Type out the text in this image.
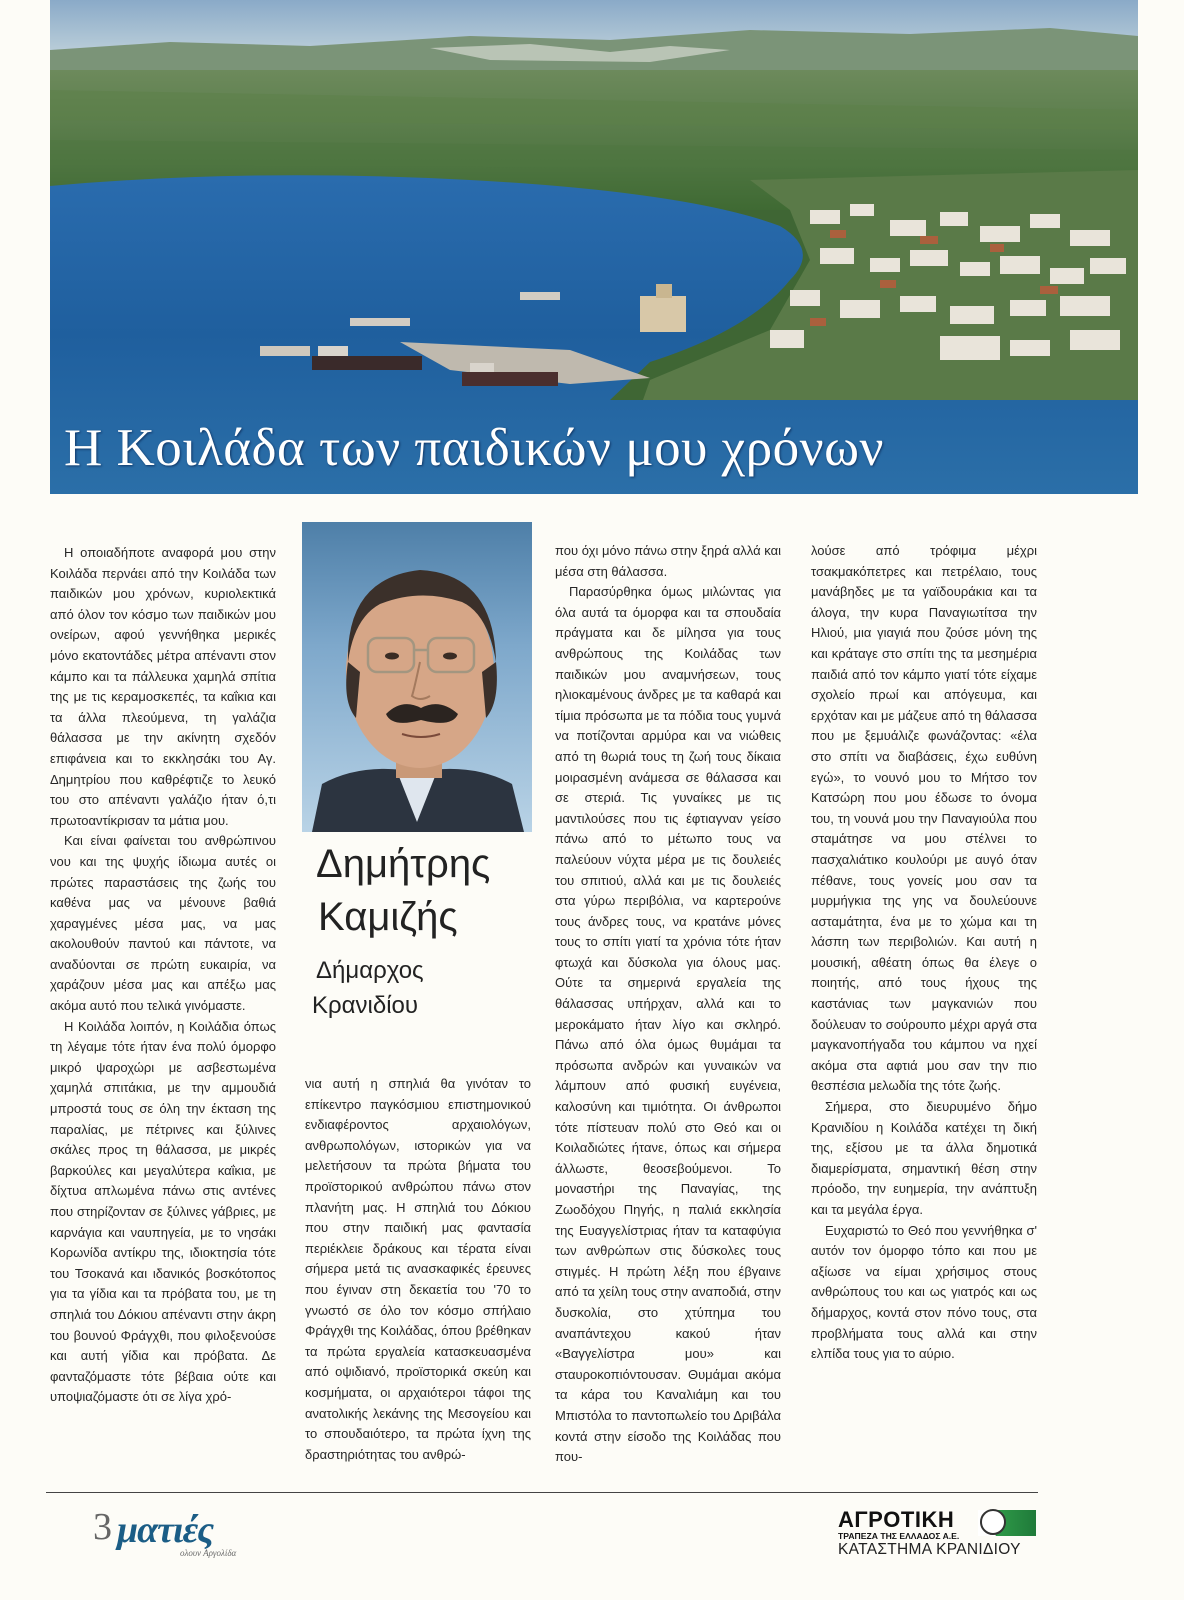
Η Κοιλάδα των παιδικών μου χρόνων

Η οποιαδήποτε αναφορά μου στην Κοιλάδα περνάει από την Κοιλάδα των παιδικών μου χρόνων, κυριολεκτικά από όλον τον κόσμο των παιδικών μου ονείρων, αφού γεννήθηκα μερικές μόνο εκατοντάδες μέτρα απέναντι στον κάμπο και τα πάλλευκα χαμηλά σπίτια της με τις κεραμοσκεπές, τα καΐκια και τα άλλα πλεούμενα, τη γαλάζια θάλασσα με την ακίνητη σχεδόν επιφάνεια και το εκκλησάκι του Αγ. Δημητρίου που καθρέφτιζε το λευκό του στο απέναντι γαλάζιο ήταν ό,τι πρωτοαντίκρισαν τα μάτια μου.

Και είναι φαίνεται του ανθρώπινου νου και της ψυχής ίδιωμα αυτές οι πρώτες παραστάσεις της ζωής του καθένα μας να μένουνε βαθιά χαραγμένες μέσα μας, να μας ακολουθούν παντού και πάντοτε, να αναδύονται σε πρώτη ευκαιρία, να χαράζουν μέσα μας και απέξω μας ακόμα αυτό που τελικά γινόμαστε.

Η Κοιλάδα λοιπόν, η Κοιλάδια όπως τη λέγαμε τότε ήταν ένα πολύ όμορφο μικρό ψαροχώρι με ασβεστωμένα χαμηλά σπιτάκια, με την αμμουδιά μπροστά τους σε όλη την έκταση της παραλίας, με πέτρινες και ξύλινες σκάλες προς τη θάλασσα, με μικρές βαρκούλες και μεγαλύτερα καΐκια, με δίχτυα απλωμένα πάνω στις αντένες που στηρίζονταν σε ξύλινες γάβριες, με καρνάγια και ναυπηγεία, με το νησάκι Κορωνίδα αντίκρυ της, ιδιοκτησία τότε του Τσοκανά και ιδανικός βοσκότοπος για τα γίδια και τα πρόβατα του, με τη σπηλιά του Δόκιου απέναντι στην άκρη του βουνού Φράγχθι, που φιλοξενούσε και αυτή γίδια και πρόβατα. Δε φανταζόμαστε τότε βέβαια ούτε και υποψιαζόμαστε ότι σε λίγα χρό-

Δημήτρης
Καμιζής
Δήμαρχος
Κρανιδίου

νια αυτή η σπηλιά θα γινόταν το επίκεντρο παγκόσμιου επιστημονικού ενδιαφέροντος αρχαιολόγων, ανθρωπολόγων, ιστορικών για να μελετήσουν τα πρώτα βήματα του προϊστορικού ανθρώπου πάνω στον πλανήτη μας. Η σπηλιά του Δόκιου που στην παιδική μας φαντασία περιέκλειε δράκους και τέρατα είναι σήμερα μετά τις ανασκαφικές έρευνες που έγιναν στη δεκαετία του '70 το γνωστό σε όλο τον κόσμο σπήλαιο Φράγχθι της Κοιλάδας, όπου βρέθηκαν τα πρώτα εργαλεία κατασκευασμένα από οψιδιανό, προϊστορικά σκεύη και κοσμήματα, οι αρχαιότεροι τάφοι της ανατολικής λεκάνης της Μεσογείου και το σπουδαιότερο, τα πρώτα ίχνη της δραστηριότητας του ανθρώ-

που όχι μόνο πάνω στην ξηρά αλλά και μέσα στη θάλασσα.

Παρασύρθηκα όμως μιλώντας για όλα αυτά τα όμορφα και τα σπουδαία πράγματα και δε μίλησα για τους ανθρώπους της Κοιλάδας των παιδικών μου αναμνήσεων, τους ηλιοκαμένους άνδρες με τα καθαρά και τίμια πρόσωπα με τα πόδια τους γυμνά να ποτίζονται αρμύρα και να νιώθεις από τη θωριά τους τη ζωή τους δίκαια μοιρασμένη ανάμεσα σε θάλασσα και σε στεριά. Τις γυναίκες με τις μαντιλούσες που τις έφτιαγναν γείσο πάνω από το μέτωπο τους να παλεύουν νύχτα μέρα με τις δουλειές του σπιτιού, αλλά και με τις δουλειές στα γύρω περιβόλια, να καρτερούνε τους άνδρες τους, να κρατάνε μόνες τους το σπίτι γιατί τα χρόνια τότε ήταν φτωχά και δύσκολα για όλους μας. Ούτε τα σημερινά εργαλεία της θάλασσας υπήρχαν, αλλά και το μεροκάματο ήταν λίγο και σκληρό. Πάνω από όλα όμως θυμάμαι τα πρόσωπα ανδρών και γυναικών να λάμπουν από φυσική ευγένεια, καλοσύνη και τιμιότητα. Οι άνθρωποι τότε πίστευαν πολύ στο Θεό και οι Κοιλαδιώτες ήτανε, όπως και σήμερα άλλωστε, θεοσεβούμενοι. Το μοναστήρι της Παναγίας, της Ζωοδόχου Πηγής, η παλιά εκκλησία της Ευαγγελίστριας ήταν τα καταφύγια των ανθρώπων στις δύσκολες τους στιγμές. Η πρώτη λέξη που έβγαινε από τα χείλη τους στην αναποδιά, στην δυσκολία, στο χτύπημα του αναπάντεχου κακού ήταν «Βαγγελίστρα μου» και σταυροκοπιόντουσαν. Θυμάμαι ακόμα τα κάρα του Καναλιάμη και του Μπιστόλα το παντοπωλείο του Δριβάλα κοντά στην είσοδο της Κοιλάδας που που-

λούσε από τρόφιμα μέχρι τσακμακόπετρες και πετρέλαιο, τους μανάβηδες με τα γαϊδουράκια και τα άλογα, την κυρα Παναγιωτίτσα την Ηλιού, μια γιαγιά που ζούσε μόνη της και κράταγε στο σπίτι της τα μεσημέρια παιδιά από τον κάμπο γιατί τότε είχαμε σχολείο πρωί και απόγευμα, και ερχόταν και με μάζευε από τη θάλασσα που με ξεμυάλιζε φωνάζοντας: «έλα στο σπίτι να διαβάσεις, έχω ευθύνη εγώ», το νουνό μου το Μήτσο τον Κατσώρη που μου έδωσε το όνομα του, τη νουνά μου την Παναγιούλα που σταμάτησε να μου στέλνει το πασχαλιάτικο κουλούρι με αυγό όταν πέθανε, τους γονείς μου σαν τα μυρμήγκια της γης να δουλεύουνε ασταμάτητα, ένα με το χώμα και τη λάσπη των περιβολιών. Και αυτή η μουσική, αθέατη όπως θα έλεγε ο ποιητής, από τους ήχους της καστάνιας των μαγκανιών που δούλευαν το σούρουπο μέχρι αργά στα μαγκανοπήγαδα του κάμπου να ηχεί ακόμα στα αφτιά μου σαν την πιο θεσπέσια μελωδία της τότε ζωής.

Σήμερα, στο διευρυμένο δήμο Κρανιδίου η Κοιλάδα κατέχει τη δική της, εξίσου με τα άλλα δημοτικά διαμερίσματα, σημαντική θέση στην πρόοδο, την ευημερία, την ανάπτυξη και τα μεγάλα έργα.

Ευχαριστώ το Θεό που γεννήθηκα σ' αυτόν τον όμορφο τόπο και που με αξίωσε να είμαι χρήσιμος στους ανθρώπους του και ως γιατρός και ως δήμαρχος, κοντά στον πόνο τους, στα προβλήματα τους αλλά και στην ελπίδα τους για το αύριο.

3 ματιές
ολουν Αργολίδα
ΑΓΡΟΤΙΚΗ
ΤΡΑΠΕΖΑ ΤΗΣ ΕΛΛΑΔΟΣ Α.Ε.
ΚΑΤΑΣΤΗΜΑ ΚΡΑΝΙΔΙΟΥ
